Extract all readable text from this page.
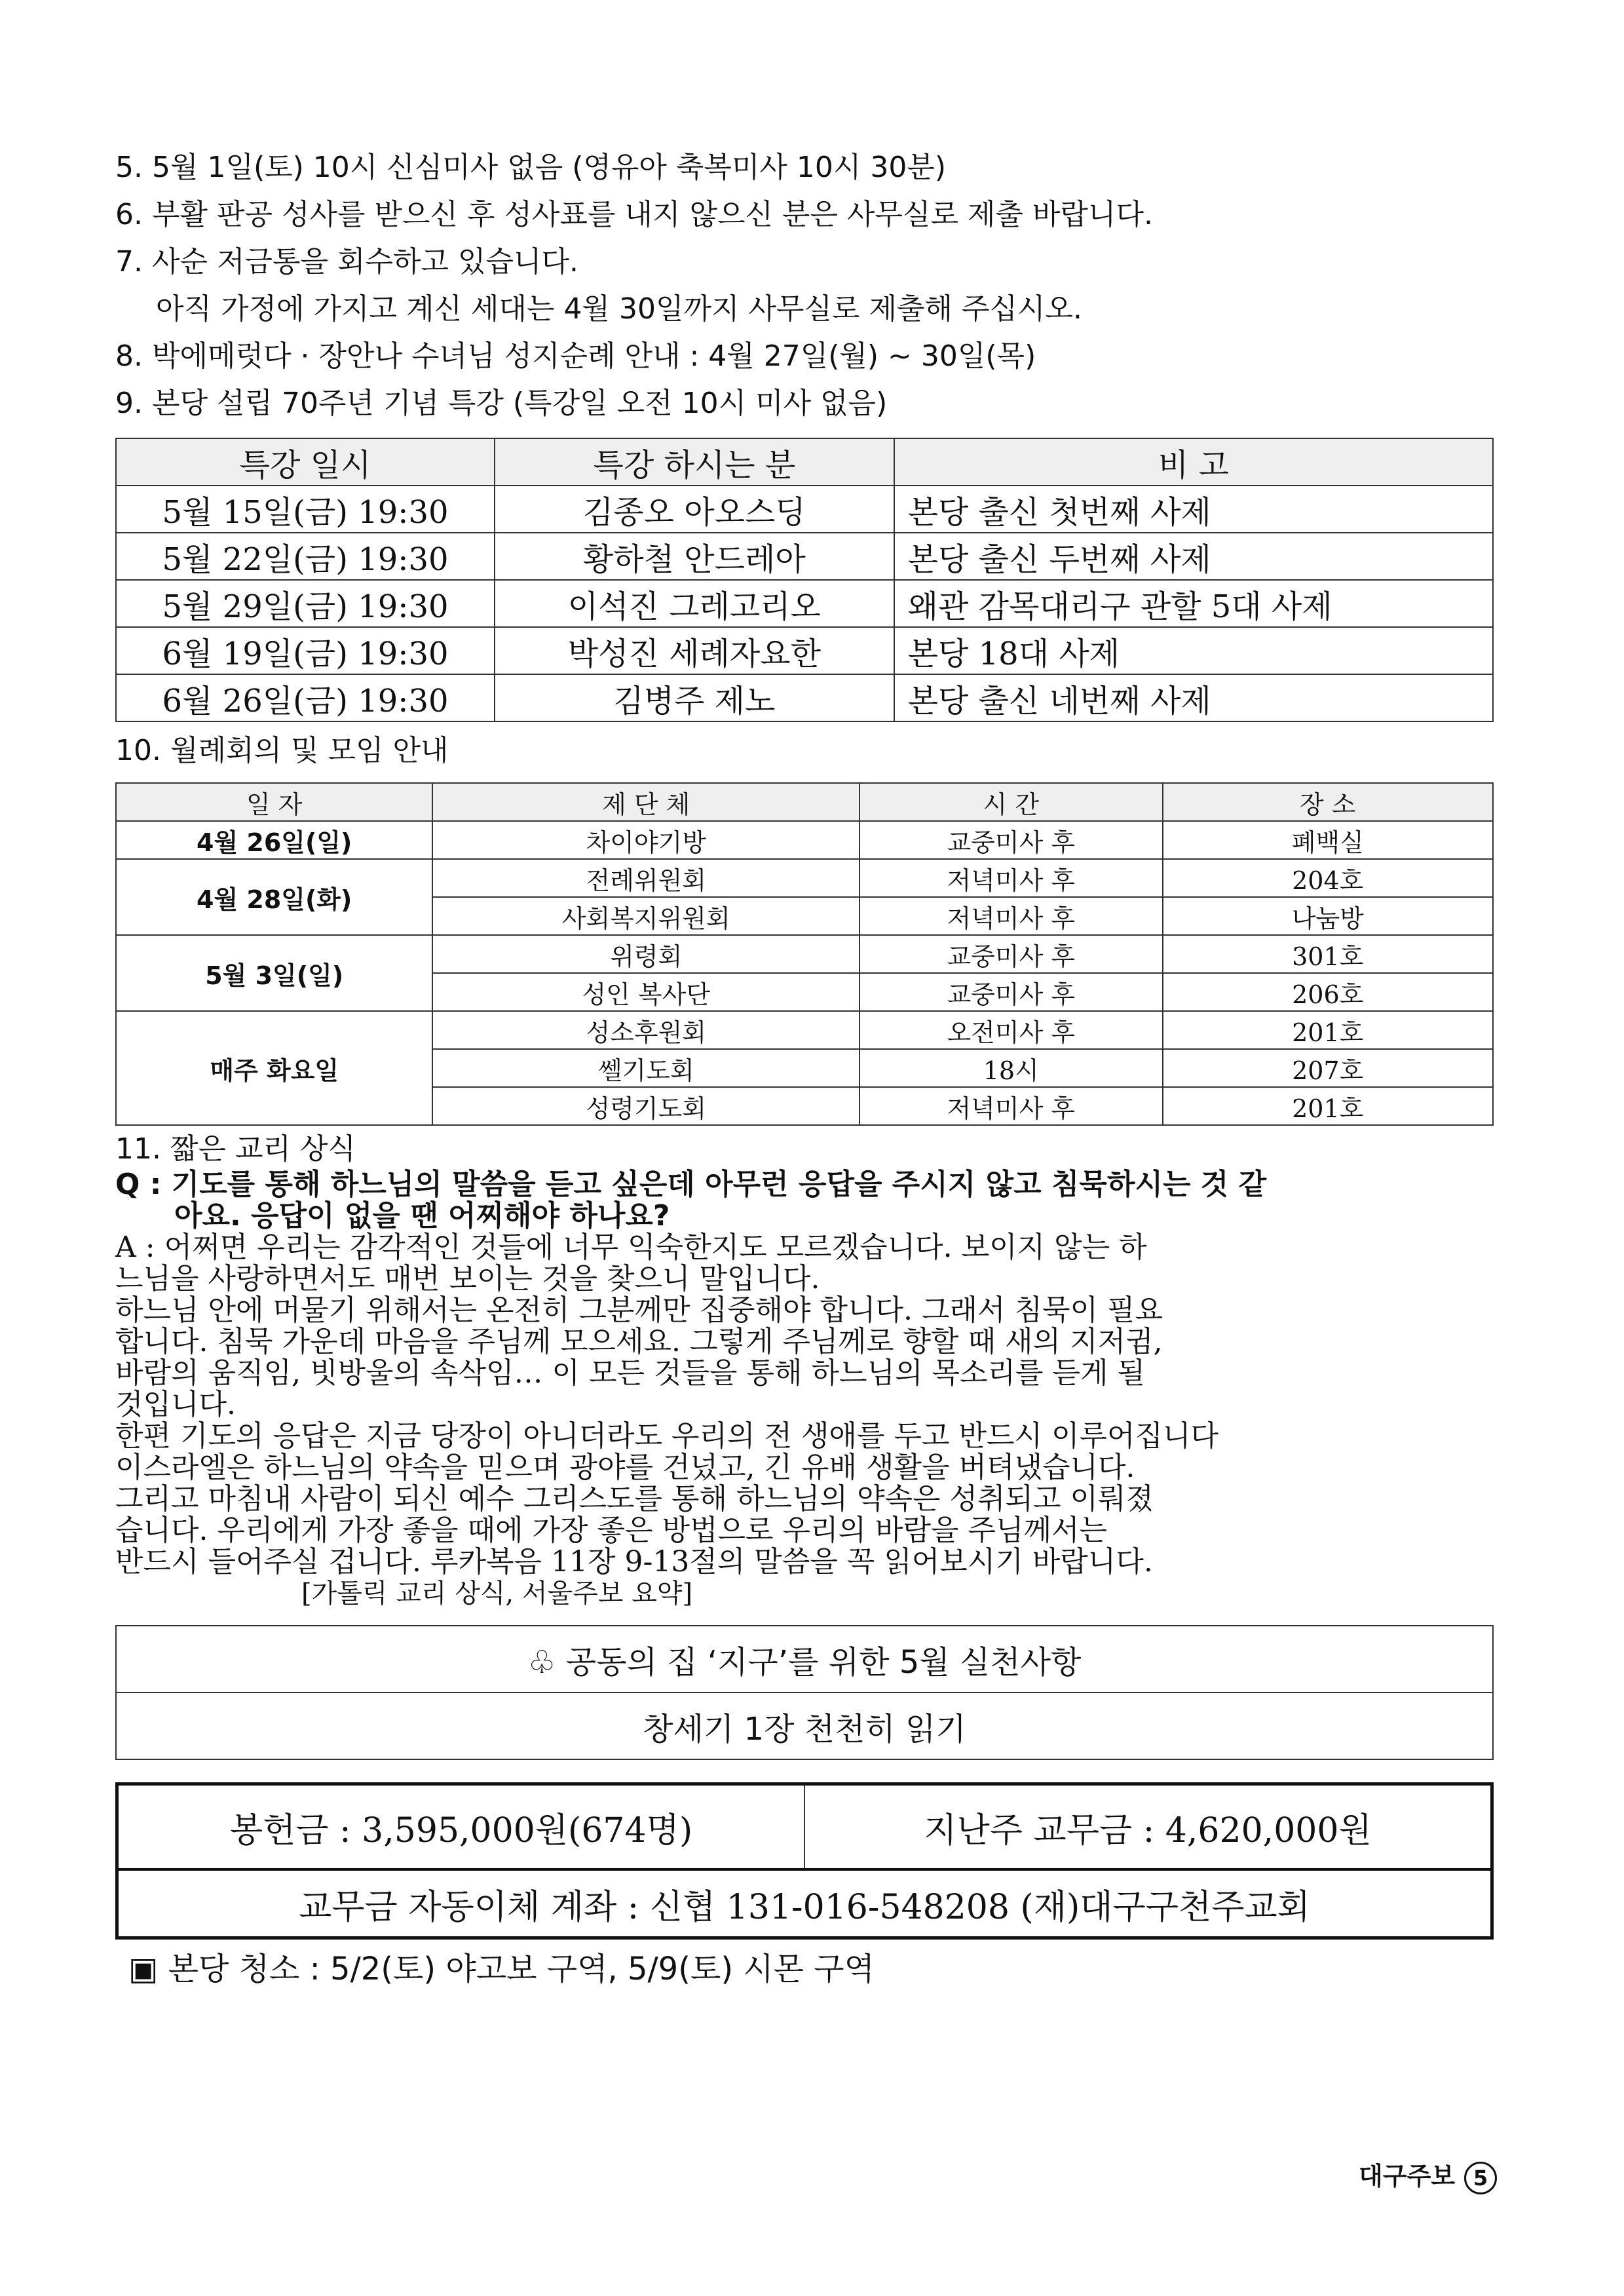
5. 5월 1일(토) 10시 신심미사 없음 (영유아 축복미사 10시 30분)
6. 부활 판공 성사를 받으신 후 성사표를 내지 않으신 분은 사무실로 제출 바랍니다.
7. 사순 저금통을 회수하고 있습니다.
아직 가정에 가지고 계신 세대는 4월 30일까지 사무실로 제출해 주십시오.
8. 박에메럿다 · 장안나 수녀님 성지순례 안내 : 4월 27일(월) ~ 30일(목)
9. 본당 설립 70주년 기념 특강 (특강일 오전 10시 미사 없음)
특강 일시	특강 하시는 분	비 고
5월 15일(금) 19:30	김종오 아오스딩	본당 출신 첫번째 사제
5월 22일(금) 19:30	황하철 안드레아	본당 출신 두번째 사제
5월 29일(금) 19:30	이석진 그레고리오	왜관 감목대리구 관할 5대 사제
6월 19일(금) 19:30	박성진 세례자요한	본당 18대 사제
6월 26일(금) 19:30	김병주 제노	본당 출신 네번째 사제
10. 월례회의 및 모임 안내
일 자	제 단 체	시 간	장 소
4월 26일(일)	차이야기방	교중미사 후	폐백실
4월 28일(화)	전례위원회	저녁미사 후	204호
	사회복지위원회	저녁미사 후	나눔방
5월 3일(일)	위령회	교중미사 후	301호
	성인 복사단	교중미사 후	206호
매주 화요일	성소후원회	오전미사 후	201호
	쎌기도회	18시	207호
	성령기도회	저녁미사 후	201호
11. 짧은 교리 상식

Q : 기도를 통해 하느님의 말씀을 듣고 싶은데 아무런 응답을 주시지 않고 침묵하시는 것 같

아요. 응답이 없을 땐 어찌해야 하나요?

A : 어쩌면 우리는 감각적인 것들에 너무 익숙한지도 모르겠습니다. 보이지 않는 하

느님을 사랑하면서도 매번 보이는 것을 찾으니 말입니다.

하느님 안에 머물기 위해서는 온전히 그분께만 집중해야 합니다. 그래서 침묵이 필요

합니다. 침묵 가운데 마음을 주님께 모으세요. 그렇게 주님께로 향할 때 새의 지저귐,

바람의 움직임, 빗방울의 속삭임… 이 모든 것들을 통해 하느님의 목소리를 듣게 될

것입니다.

한편 기도의 응답은 지금 당장이 아니더라도 우리의 전 생애를 두고 반드시 이루어집니다

이스라엘은 하느님의 약속을 믿으며 광야를 건넜고, 긴 유배 생활을 버텨냈습니다.

그리고 마침내 사람이 되신 예수 그리스도를 통해 하느님의 약속은 성취되고 이뤄졌

습니다. 우리에게 가장 좋을 때에 가장 좋은 방법으로 우리의 바람을 주님께서는

반드시 들어주실 겁니다. 루카복음 11장 9-13절의 말씀을 꼭 읽어보시기 바랍니다.

[가톨릭 교리 상식, 서울주보 요약]

♧ 공동의 집 ‘지구’를 위한 5월 실천사항
창세기 1장 천천히 읽기
봉헌금 : 3,595,000원(674명)	지난주 교무금 : 4,620,000원
교무금 자동이체 계좌 : 신협 131-016-548208 (재)대구구천주교회
▣ 본당 청소 : 5/2(토) 야고보 구역, 5/9(토) 시몬 구역
대구주보 5
